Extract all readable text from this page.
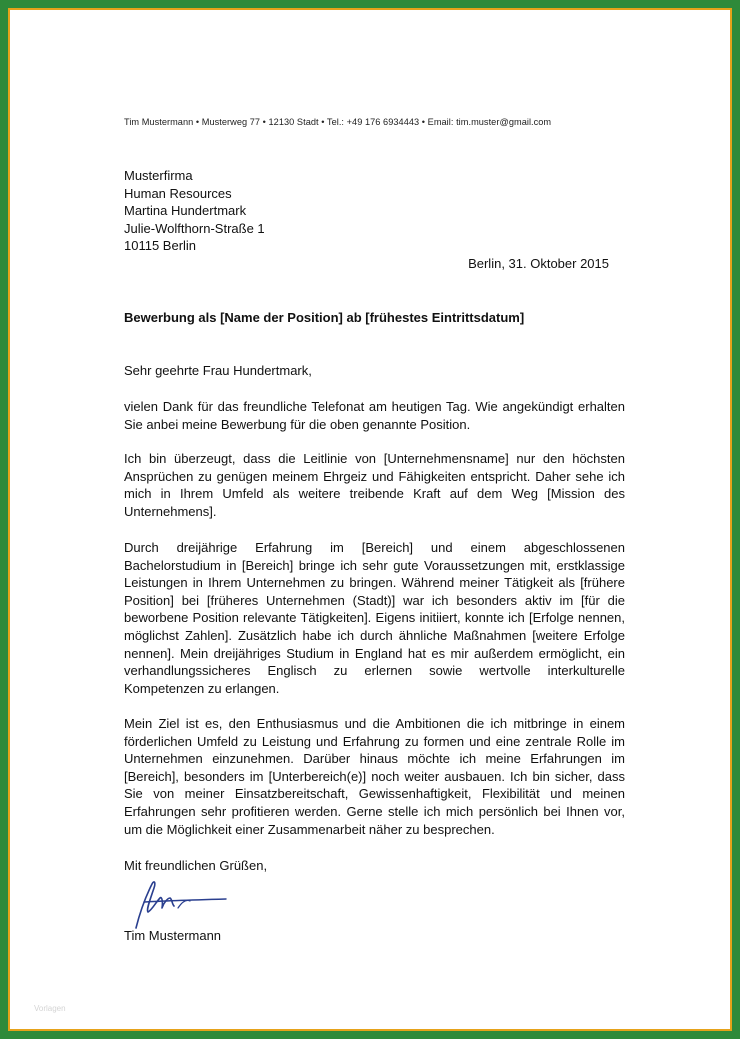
Tim Mustermann • Musterweg 77 • 12130 Stadt • Tel.: +49 176 6934443 • Email: tim.muster@gmail.com
Musterfirma
Human Resources
Martina Hundertmark
Julie-Wolfthorn-Straße 1
10115 Berlin
Berlin, 31. Oktober 2015
Bewerbung als [Name der Position] ab [frühestes Eintrittsdatum]
Sehr geehrte Frau Hundertmark,

vielen Dank für das freundliche Telefonat am heutigen Tag. Wie angekündigt erhalten Sie anbei meine Bewerbung für die oben genannte Position.

Ich bin überzeugt, dass die Leitlinie von [Unternehmensname] nur den höchsten Ansprüchen zu genügen meinem Ehrgeiz und Fähigkeiten entspricht. Daher sehe ich mich in Ihrem Umfeld als weitere treibende Kraft auf dem Weg [Mission des Unternehmens].

Durch dreijährige Erfahrung im [Bereich] und einem abgeschlossenen Bachelorstudium in [Bereich] bringe ich sehr gute Voraussetzungen mit, erstklassige Leistungen in Ihrem Unternehmen zu bringen. Während meiner Tätigkeit als [frühere Position] bei [früheres Unternehmen (Stadt)] war ich besonders aktiv im [für die beworbene Position relevante Tätigkeiten]. Eigens initiiert, konnte ich [Erfolge nennen, möglichst Zahlen]. Zusätzlich habe ich durch ähnliche Maßnahmen [weitere Erfolge nennen]. Mein dreijähriges Studium in England hat es mir außerdem ermöglicht, ein verhandlungssicheres Englisch zu erlernen sowie wertvolle interkulturelle Kompetenzen zu erlangen.

Mein Ziel ist es, den Enthusiasmus und die Ambitionen die ich mitbringe in einem förderlichen Umfeld zu Leistung und Erfahrung zu formen und eine zentrale Rolle im Unternehmen einzunehmen. Darüber hinaus möchte ich meine Erfahrungen im [Bereich], besonders im [Unterbereich(e)] noch weiter ausbauen. Ich bin sicher, dass Sie von meiner Einsatzbereitschaft, Gewissenhaftigkeit, Flexibilität und meinen Erfahrungen sehr profitieren werden. Gerne stelle ich mich persönlich bei Ihnen vor, um die Möglichkeit einer Zusammenarbeit näher zu besprechen.

Mit freundlichen Grüßen,
Tim Mustermann
Vorlagen
